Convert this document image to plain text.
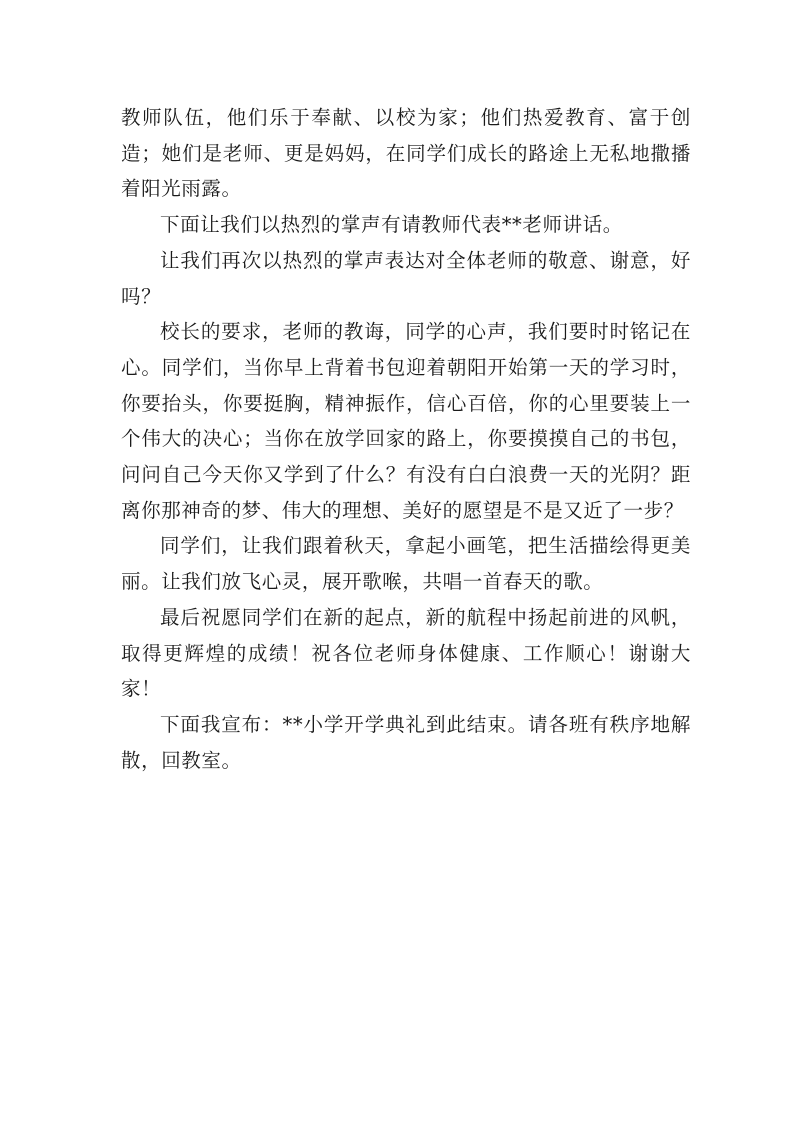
教师队伍，他们乐于奉献、以校为家；他们热爱教育、富于创造；她们是老师、更是妈妈，在同学们成长的路途上无私地撒播着阳光雨露。

下面让我们以热烈的掌声有请教师代表**老师讲话。

让我们再次以热烈的掌声表达对全体老师的敬意、谢意，好吗？

校长的要求，老师的教诲，同学的心声，我们要时时铭记在心。同学们，当你早上背着书包迎着朝阳开始第一天的学习时，你要抬头，你要挺胸，精神振作，信心百倍，你的心里要装上一个伟大的决心；当你在放学回家的路上，你要摸摸自己的书包，问问自己今天你又学到了什么？有没有白白浪费一天的光阴？距离你那神奇的梦、伟大的理想、美好的愿望是不是又近了一步？

同学们，让我们跟着秋天，拿起小画笔，把生活描绘得更美丽。让我们放飞心灵，展开歌喉，共唱一首春天的歌。

最后祝愿同学们在新的起点，新的航程中扬起前进的风帆，取得更辉煌的成绩！祝各位老师身体健康、工作顺心！谢谢大家！

下面我宣布：**小学开学典礼到此结束。请各班有秩序地解散，回教室。
